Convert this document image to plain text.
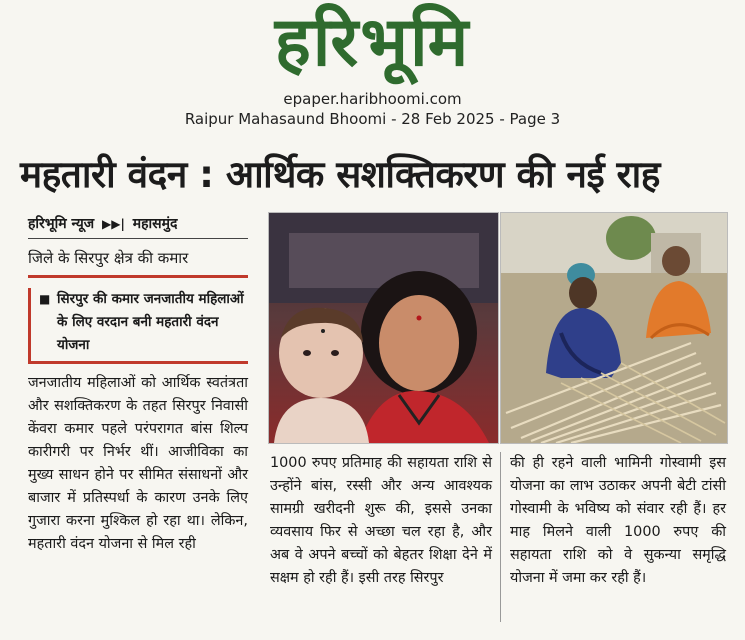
हरिभूमि
epaper.haribhoomi.com
Raipur Mahasaund Bhoomi - 28 Feb 2025 - Page 3
महतारी वंदन : आर्थिक सशक्तिकरण की नई राह
हरिभूमि न्यूज ▶▶| महासमुंद
जिले के सिरपुर क्षेत्र की कमार
■ सिरपुर की कमार जनजातीय महिलाओं के लिए वरदान बनी महतारी वंदन योजना
जनजातीय महिलाओं को आर्थिक स्वतंत्रता और सशक्तिकरण के तहत सिरपुर निवासी केंवरा कमार पहले परंपरागत बांस शिल्प कारीगरी पर निर्भर थीं। आजीविका का मुख्य साधन होने पर सीमित संसाधनों और बाजार में प्रतिस्पर्धा के कारण उनके लिए गुजारा करना मुश्किल हो रहा था। लेकिन, महतारी वंदन योजना से मिल रही
1000 रुपए प्रतिमाह की सहायता राशि से उन्होंने बांस, रस्सी और अन्य आवश्यक सामग्री खरीदनी शुरू की, इससे उनका व्यवसाय फिर से अच्छा चल रहा है, और अब वे अपने बच्चों को बेहतर शिक्षा देने में सक्षम हो रही हैं। इसी तरह सिरपुर
की ही रहने वाली भामिनी गोस्वामी इस योजना का लाभ उठाकर अपनी बेटी टांसी गोस्वामी के भविष्य को संवार रही हैं। हर माह मिलने वाली 1000 रुपए की सहायता राशि को वे सुकन्या समृद्धि योजना में जमा कर रही हैं।
